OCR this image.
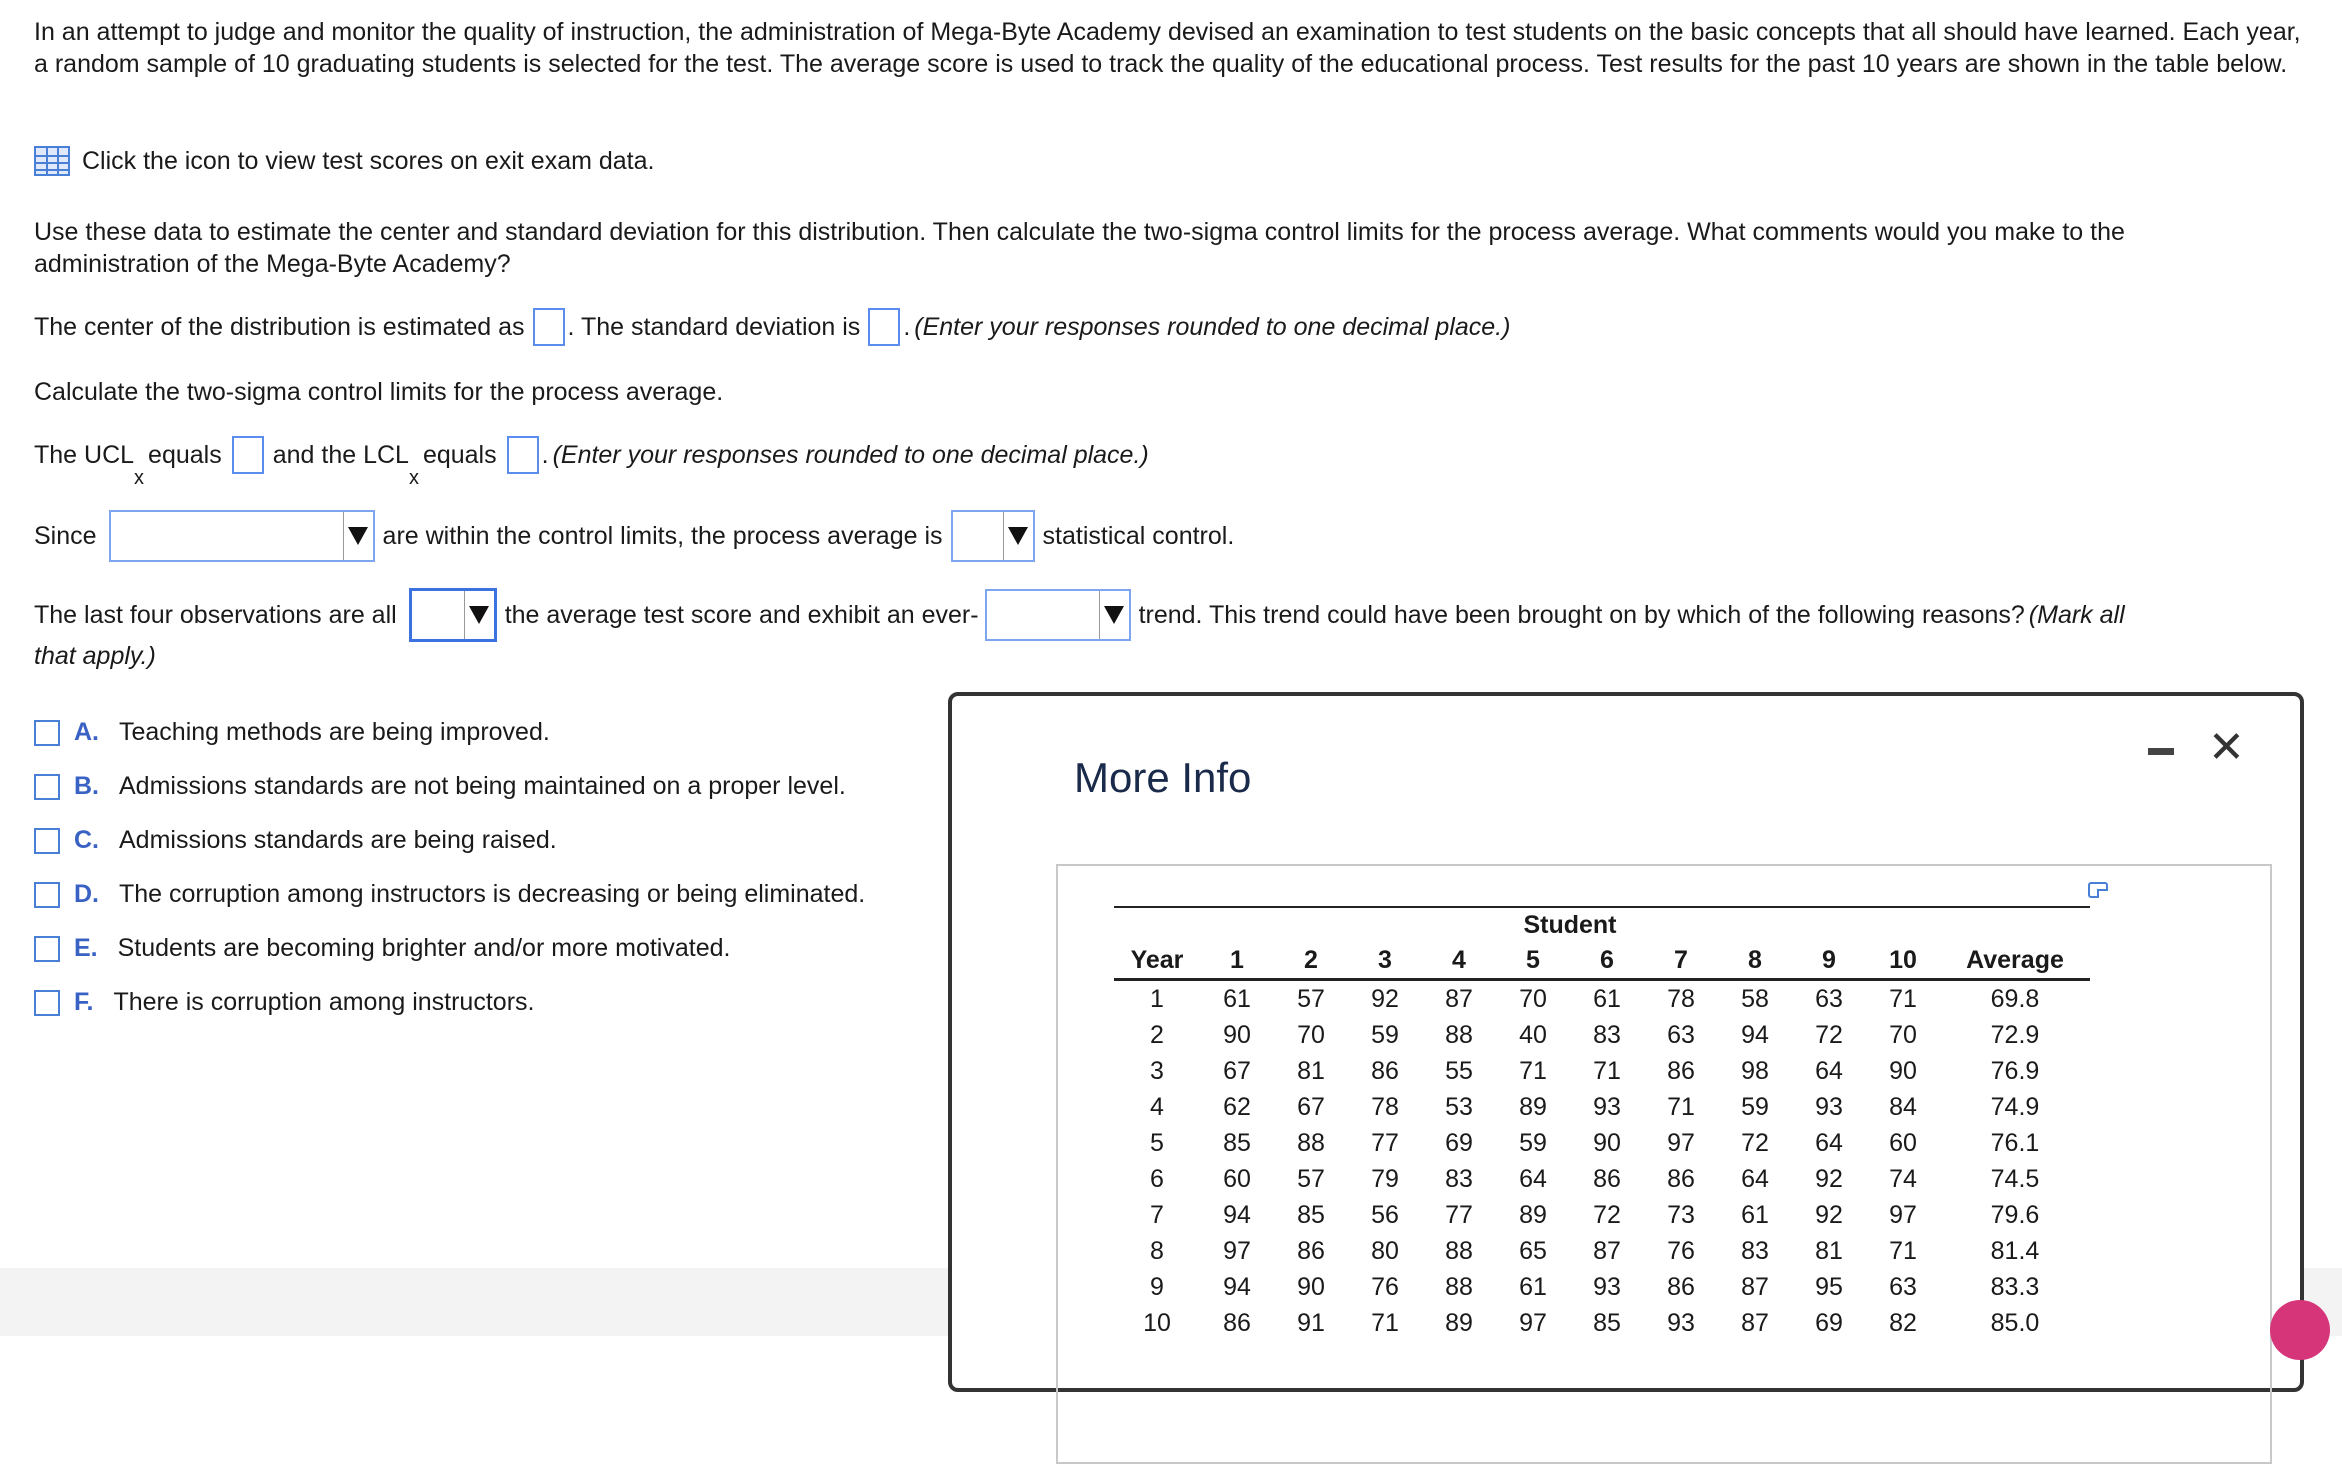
In an attempt to judge and monitor the quality of instruction, the administration of Mega-Byte Academy devised an examination to test students on the basic concepts that all should have learned. Each year, a random sample of 10 graduating students is selected for the test. The average score is used to track the quality of the educational process. Test results for the past 10 years are shown in the table below.
Click the icon to view test scores on exit exam data.
Use these data to estimate the center and standard deviation for this distribution. Then calculate the two-sigma control limits for the process average. What comments would you make to the administration of the Mega-Byte Academy?
The center of the distribution is estimated as . The standard deviation is . (Enter your responses rounded to one decimal place.)
Calculate the two-sigma control limits for the process average.
The UCL
x
equals and the LCL
x
equals . (Enter your responses rounded to one decimal place.)
Since	are within the control limits, the process average is	statistical control.
The last four observations are all	the average test score and exhibit an ever-	trend. This trend could have been brought on by which of the following reasons? (Mark all
that apply.)
A. Teaching methods are being improved.
B. Admissions standards are not being maintained on a proper level.
C. Admissions standards are being raised.
D. The corruption among instructors is decreasing or being eliminated.
E. Students are becoming brighter and/or more motivated.
F. There is corruption among instructors.
More Info
✕
	Student										
Year	1	2	3	4	5	6	7	8	9	10	Average
1	61	57	92	87	70	61	78	58	63	71	69.8
2	90	70	59	88	40	83	63	94	72	70	72.9
3	67	81	86	55	71	71	86	98	64	90	76.9
4	62	67	78	53	89	93	71	59	93	84	74.9
5	85	88	77	69	59	90	97	72	64	60	76.1
6	60	57	79	83	64	86	86	64	92	74	74.5
7	94	85	56	77	89	72	73	61	92	97	79.6
8	97	86	80	88	65	87	76	83	81	71	81.4
9	94	90	76	88	61	93	86	87	95	63	83.3
10	86	91	71	89	97	85	93	87	69	82	85.0
